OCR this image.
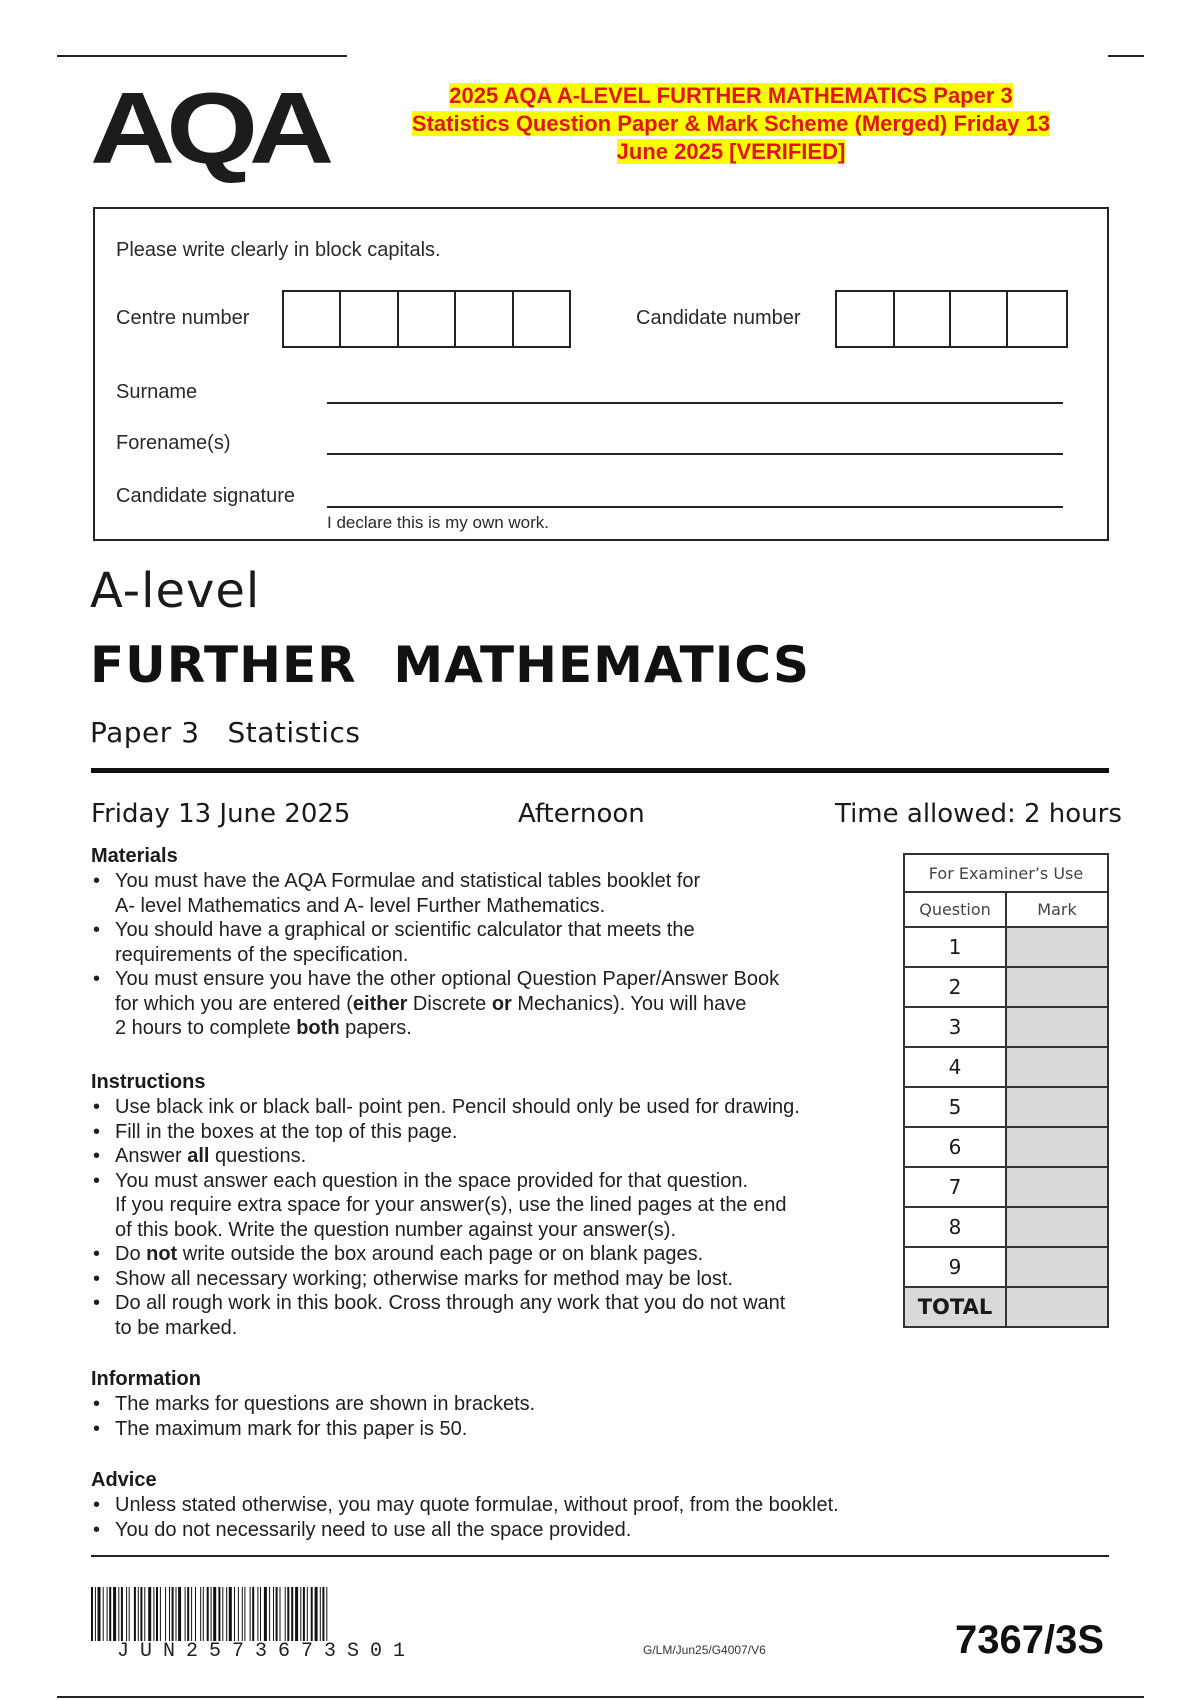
AQA	2025 AQA A-LEVEL FURTHER MATHEMATICS Paper 3
Statistics Question Paper & Mark Scheme (Merged) Friday 13
June 2025 [VERIFIED]
Please write clearly in block capitals.
Centre number	Candidate number
Surname
Forename(s)
Candidate signature
I declare this is my own work.
A-level
FURTHER  MATHEMATICS
Paper 3 Statistics
Friday 13 June 2025	Afternoon	Time allowed: 2 hours
Materials
• You must have the AQA Formulae and statistical tables booklet for
A- level Mathematics and A- level Further Mathematics.
• You should have a graphical or scientific calculator that meets the
requirements of the specification.
• You must ensure you have the other optional Question Paper/Answer Book
for which you are entered (either Discrete or Mechanics). You will have
2 hours to complete both papers.
Instructions
• Use black ink or black ball- point pen. Pencil should only be used for drawing.
• Fill in the boxes at the top of this page.
• Answer all questions.
• You must answer each question in the space provided for that question.
If you require extra space for your answer(s), use the lined pages at the end
of this book. Write the question number against your answer(s).
• Do not write outside the box around each page or on blank pages.
• Show all necessary working; otherwise marks for method may be lost.
• Do all rough work in this book. Cross through any work that you do not want
to be marked.
Information
• The marks for questions are shown in brackets.
• The maximum mark for this paper is 50.
Advice
• Unless stated otherwise, you may quote formulae, without proof, from the booklet.
• You do not necessarily need to use all the space provided.
For Examiner’s Use	
Question	Mark
1	
2	
3	
4	
5	
6	
7	
8	
9	
TOTAL	
JUN2573673S01	G/LM/Jun25/G4007/V6	7367/3S
